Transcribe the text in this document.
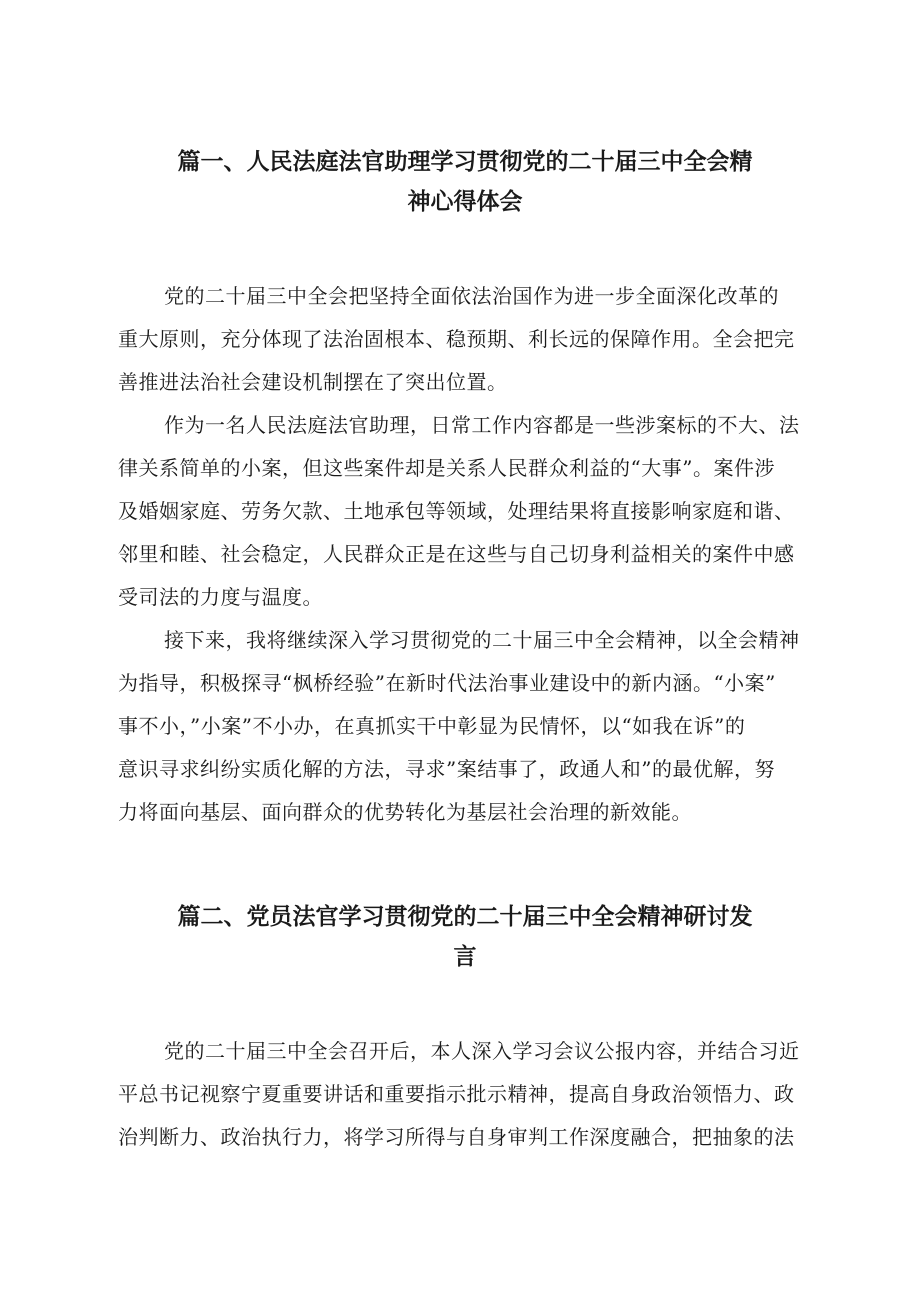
篇一、人民法庭法官助理学习贯彻党的二十届三中全会精
神心得体会

党的二十届三中全会把坚持全面依法治国作为进一步全面深化改革的
重大原则，充分体现了法治固根本、稳预期、利长远的保障作用。全会把完
善推进法治社会建设机制摆在了突出位置。

作为一名人民法庭法官助理，日常工作内容都是一些涉案标的不大、法
律关系简单的小案，但这些案件却是关系人民群众利益的“大事”。案件涉
及婚姻家庭、劳务欠款、土地承包等领域，处理结果将直接影响家庭和谐、
邻里和睦、社会稳定，人民群众正是在这些与自己切身利益相关的案件中感
受司法的力度与温度。

接下来，我将继续深入学习贯彻党的二十届三中全会精神，以全会精神
为指导，积极探寻“枫桥经验”在新时代法治事业建设中的新内涵。“小案”
事不小，”小案”不小办，在真抓实干中彰显为民情怀，以“如我在诉”的
意识寻求纠纷实质化解的方法，寻求”案结事了，政通人和”的最优解，努
力将面向基层、面向群众的优势转化为基层社会治理的新效能。

篇二、党员法官学习贯彻党的二十届三中全会精神研讨发
言

党的二十届三中全会召开后，本人深入学习会议公报内容，并结合习近
平总书记视察宁夏重要讲话和重要指示批示精神，提高自身政治领悟力、政
治判断力、政治执行力，将学习所得与自身审判工作深度融合，把抽象的法
